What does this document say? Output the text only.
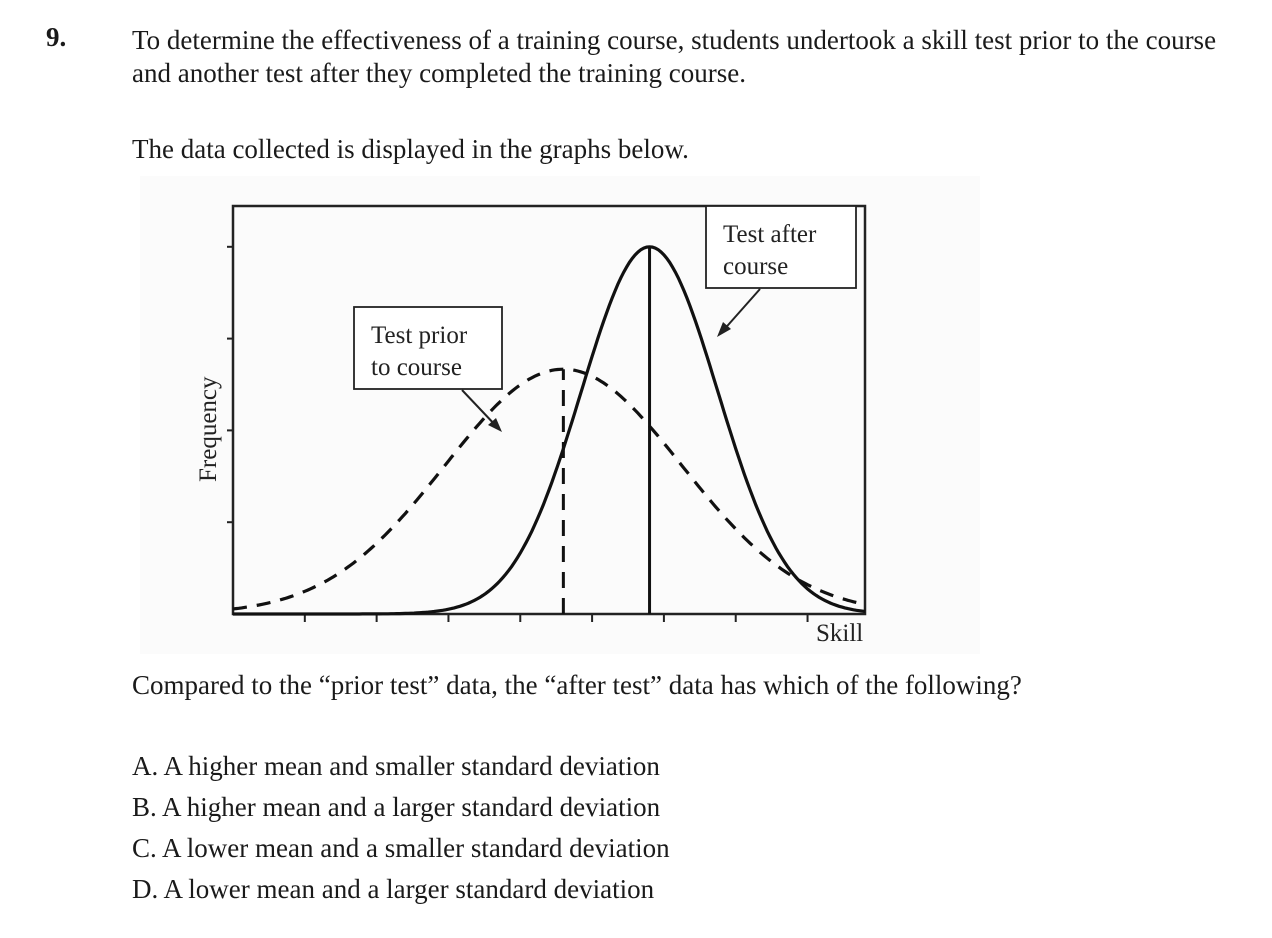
9. To determine the effectiveness of a training course, students undertook a skill test prior to the course and another test after they completed the training course.
The data collected is displayed in the graphs below.
Test prior
to course
Test after
course
Frequency
Skill
Compared to the “prior test” data, the “after test” data has which of the following?
A. A higher mean and smaller standard deviation
B. A higher mean and a larger standard deviation
C. A lower mean and a smaller standard deviation
D. A lower mean and a larger standard deviation
